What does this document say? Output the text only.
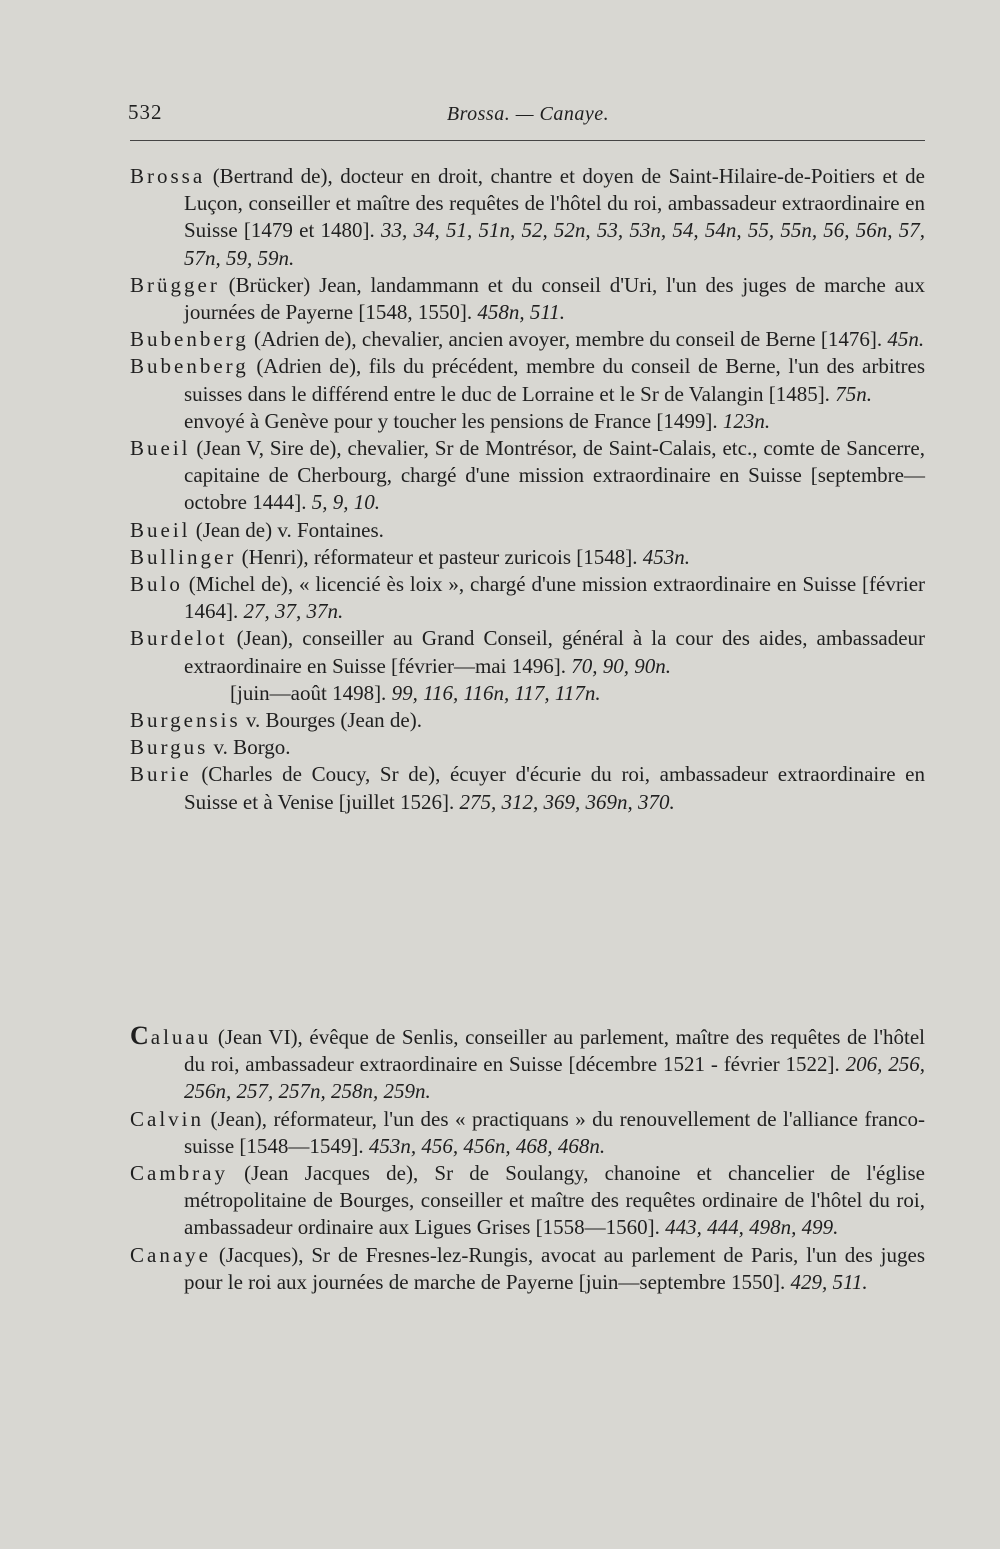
532	Brossa. — Canaye.

Brossa (Bertrand de), docteur en droit, chantre et doyen de Saint-Hilaire-de-Poitiers et de Luçon, conseiller et maître des requêtes de l'hôtel du roi, ambassadeur extraordinaire en Suisse [1479 et 1480]. 33, 34, 51, 51n, 52, 52n, 53, 53n, 54, 54n, 55, 55n, 56, 56n, 57, 57n, 59, 59n.

Brügger (Brücker) Jean, landammann et du conseil d'Uri, l'un des juges de marche aux journées de Payerne [1548, 1550]. 458n, 511.

Bubenberg (Adrien de), chevalier, ancien avoyer, membre du conseil de Berne [1476]. 45n.

Bubenberg (Adrien de), fils du précédent, membre du conseil de Berne, l'un des arbitres suisses dans le différend entre le duc de Lorraine et le Sr de Valangin [1485]. 75n.

envoyé à Genève pour y toucher les pensions de France [1499]. 123n.

Bueil (Jean V, Sire de), chevalier, Sr de Montrésor, de Saint-Calais, etc., comte de Sancerre, capitaine de Cherbourg, chargé d'une mission extraordinaire en Suisse [septembre—octobre 1444]. 5, 9, 10.

Bueil (Jean de) v. Fontaines.

Bullinger (Henri), réformateur et pasteur zuricois [1548]. 453n.

Bulo (Michel de), « licencié ès loix », chargé d'une mission extraordinaire en Suisse [février 1464]. 27, 37, 37n.

Burdelot (Jean), conseiller au Grand Conseil, général à la cour des aides, ambassadeur extraordinaire en Suisse [février—mai 1496]. 70, 90, 90n.

[juin—août 1498]. 99, 116, 116n, 117, 117n.

Burgensis v. Bourges (Jean de).

Burgus v. Borgo.

Burie (Charles de Coucy, Sr de), écuyer d'écurie du roi, ambassadeur extraordinaire en Suisse et à Venise [juillet 1526]. 275, 312, 369, 369n, 370.

Caluau (Jean VI), évêque de Senlis, conseiller au parlement, maître des requêtes de l'hôtel du roi, ambassadeur extraordinaire en Suisse [décembre 1521 - février 1522]. 206, 256, 256n, 257, 257n, 258n, 259n.

Calvin (Jean), réformateur, l'un des « practiquans » du renouvellement de l'alliance franco-suisse [1548—1549]. 453n, 456, 456n, 468, 468n.

Cambray (Jean Jacques de), Sr de Soulangy, chanoine et chancelier de l'église métropolitaine de Bourges, conseiller et maître des requêtes ordinaire de l'hôtel du roi, ambassadeur ordinaire aux Ligues Grises [1558—1560]. 443, 444, 498n, 499.

Canaye (Jacques), Sr de Fresnes-lez-Rungis, avocat au parlement de Paris, l'un des juges pour le roi aux journées de marche de Payerne [juin—septembre 1550]. 429, 511.
